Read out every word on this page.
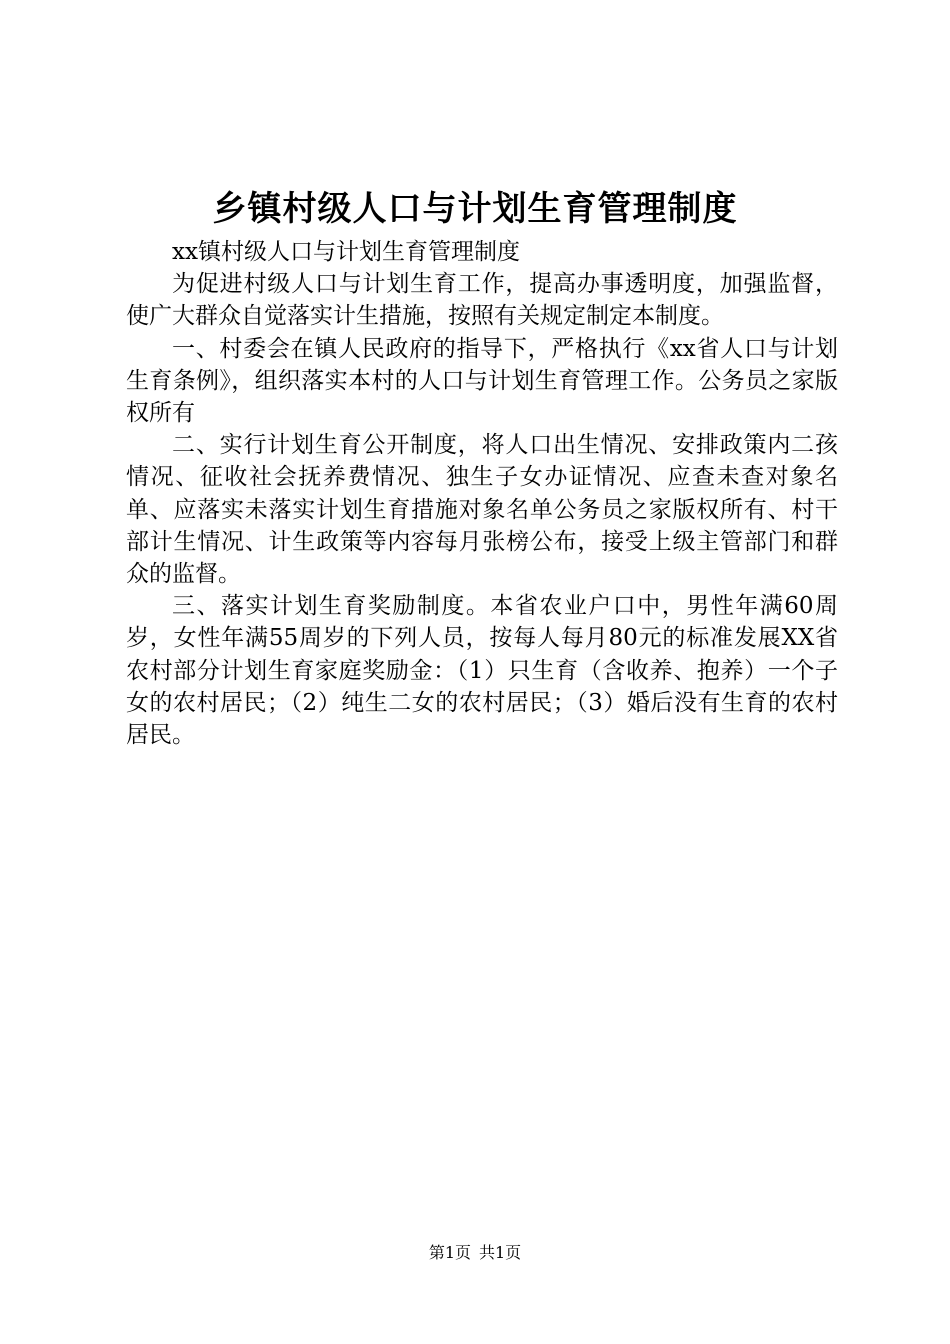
乡镇村级人口与计划生育管理制度

xx镇村级人口与计划生育管理制度

为促进村级人口与计划生育工作，提高办事透明度，加强监督，使广大群众自觉落实计生措施，按照有关规定制定本制度。

一、村委会在镇人民政府的指导下，严格执行《xx省人口与计划生育条例》，组织落实本村的人口与计划生育管理工作。公务员之家版权所有

二、实行计划生育公开制度，将人口出生情况、安排政策内二孩情况、征收社会抚养费情况、独生子女办证情况、应查未查对象名单、应落实未落实计划生育措施对象名单公务员之家版权所有、村干部计生情况、计生政策等内容每月张榜公布，接受上级主管部门和群众的监督。

三、落实计划生育奖励制度。本省农业户口中，男性年满60周岁，女性年满55周岁的下列人员，按每人每月80元的标准发展XX省农村部分计划生育家庭奖励金：（1）只生育（含收养、抱养）一个子女的农村居民；（2）纯生二女的农村居民；（3）婚后没有生育的农村居民。

第1页 共1页
